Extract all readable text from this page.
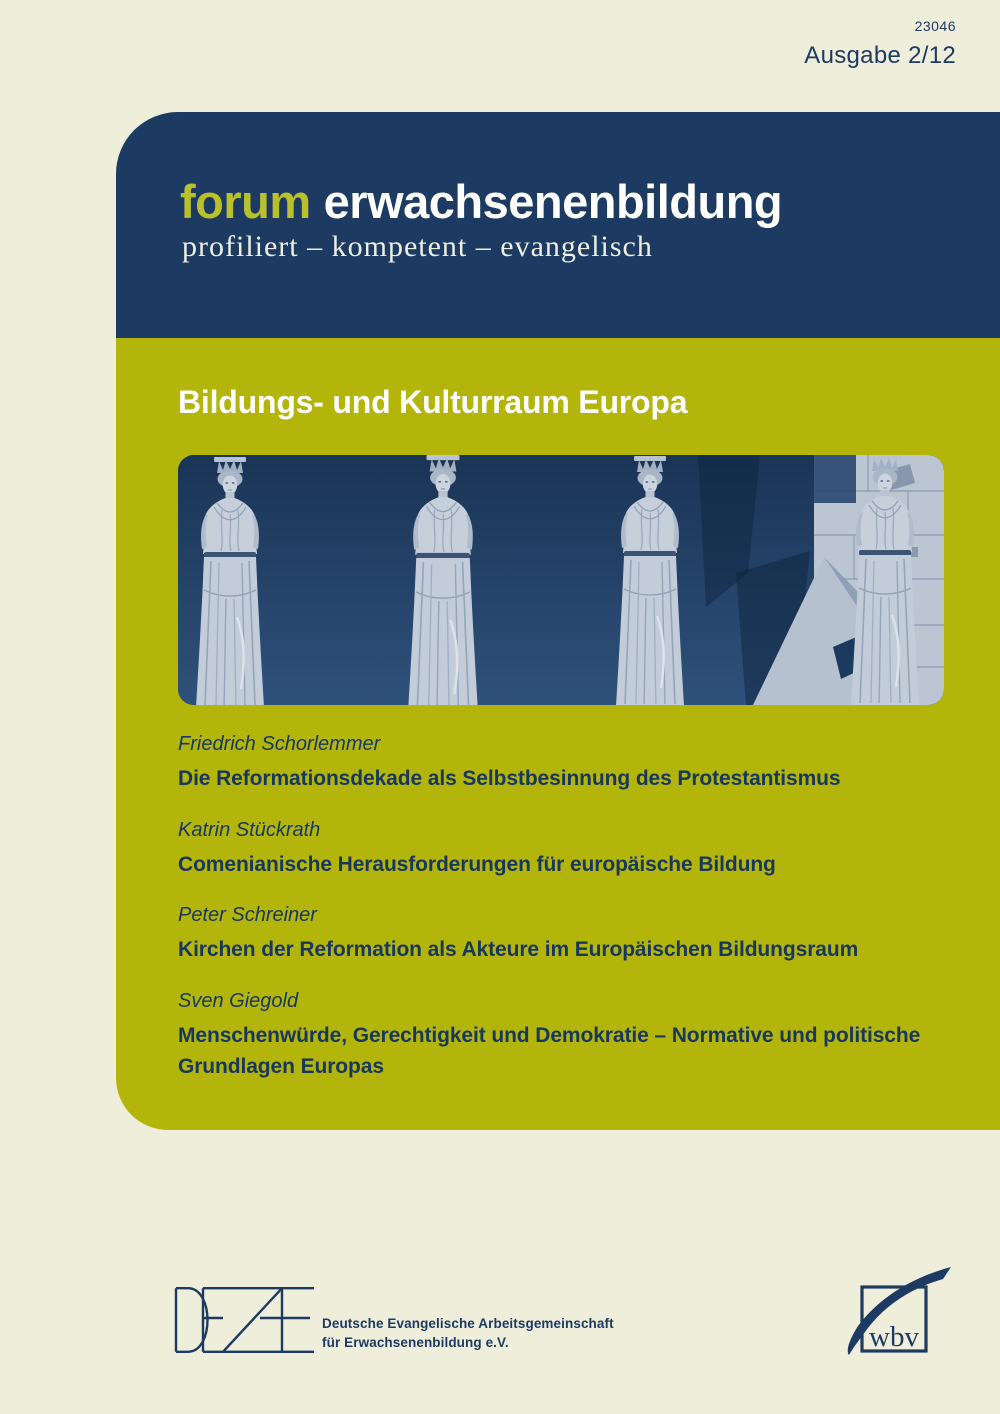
23046
Ausgabe 2/12
forum erwachsenenbildung

profiliert – kompetent – evangelisch

Bildungs- und Kulturraum Europa

Friedrich Schorlemmer

Die Reformationsdekade als Selbstbesinnung des Protestantismus

Katrin Stückrath

Comenianische Herausforderungen für europäische Bildung

Peter Schreiner

Kirchen der Reformation als Akteure im Europäischen Bildungsraum

Sven Giegold

Menschenwürde, Gerechtigkeit und Demokratie – Normative und politische Grundlagen Europas

Deutsche Evangelische Arbeitsgemeinschaft
für Erwachsenenbildung e.V.	wbv
